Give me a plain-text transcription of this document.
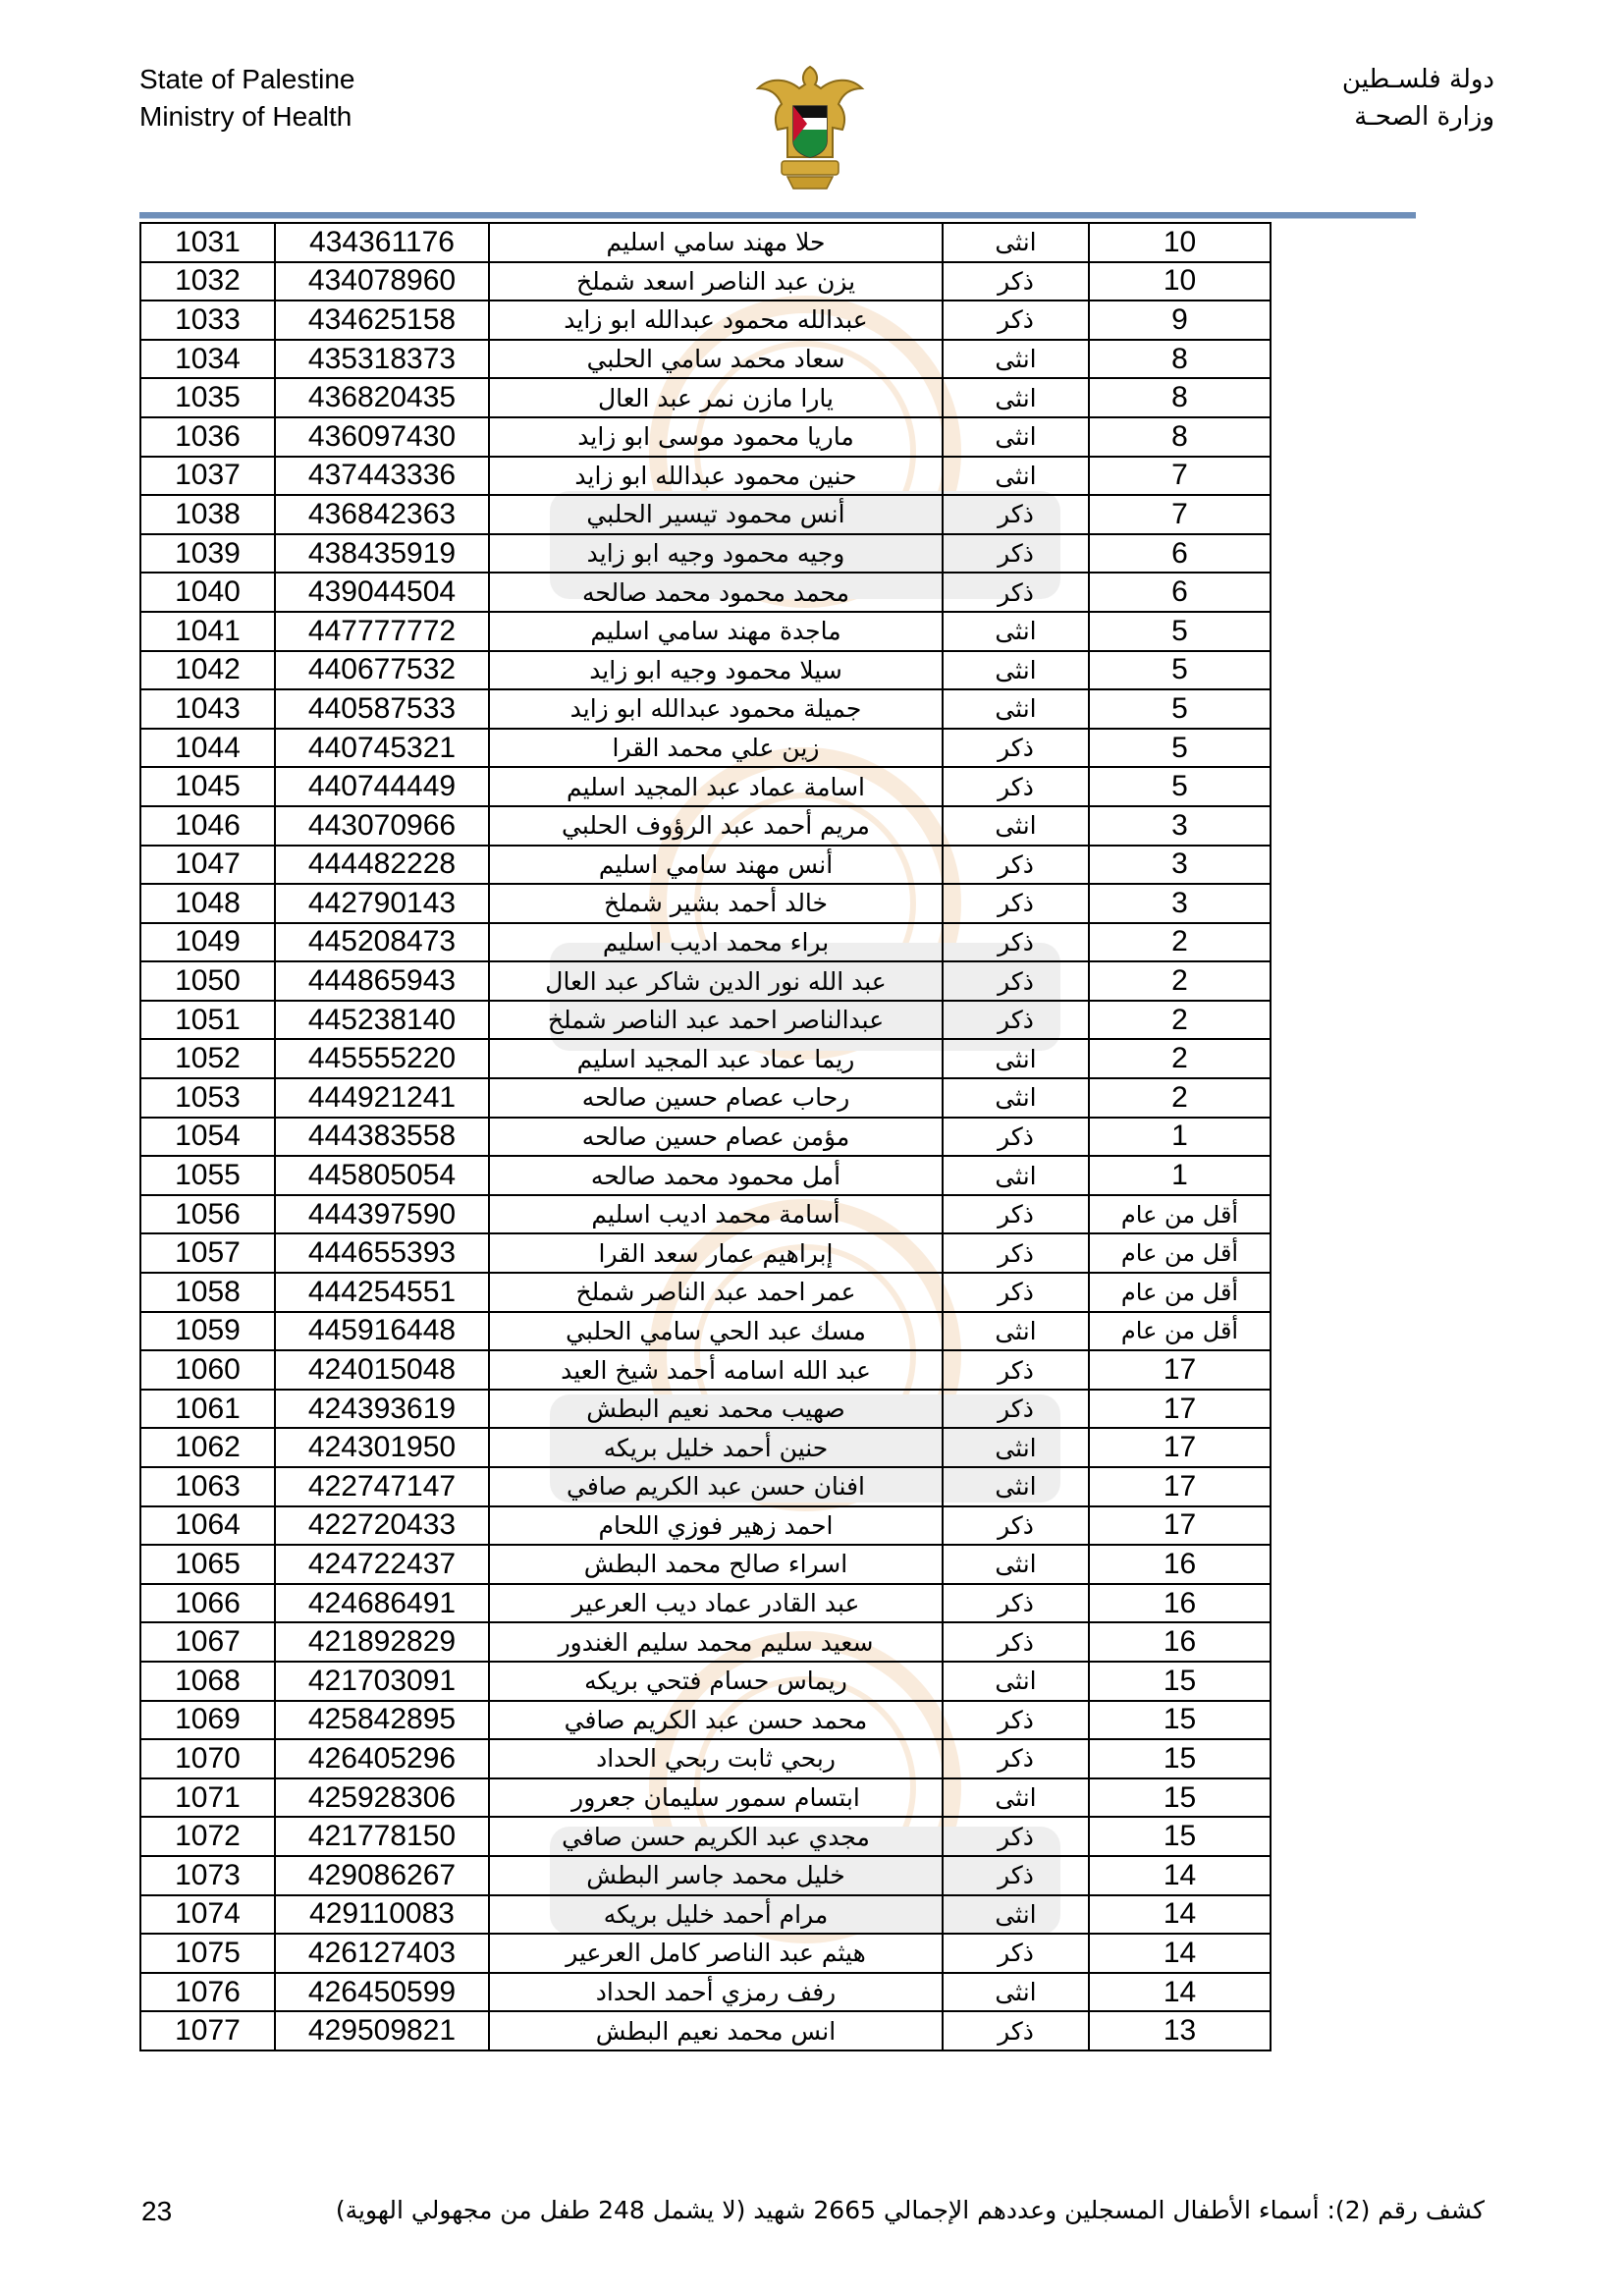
State of Palestine
Ministry of Health
دولة فلسـطين
وزارة الصحـة
1031	434361176	حلا مهند سامي اسليم	انثى	10
1032	434078960	يزن عبد الناصر اسعد شملخ	ذكر	10
1033	434625158	عبدالله محمود عبدالله ابو زايد	ذكر	9
1034	435318373	سعاد محمد سامي الحلبي	انثى	8
1035	436820435	يارا مازن نمر عبد العال	انثى	8
1036	436097430	ماريا محمود موسى ابو زايد	انثى	8
1037	437443336	حنين محمود عبدالله ابو زايد	انثى	7
1038	436842363	أنس محمود تيسير الحلبي	ذكر	7
1039	438435919	وجيه محمود وجيه ابو زايد	ذكر	6
1040	439044504	محمد محمود محمد صالحه	ذكر	6
1041	447777772	ماجدة مهند سامي اسليم	انثى	5
1042	440677532	سيلا محمود وجيه ابو زايد	انثى	5
1043	440587533	جميلة محمود عبدالله ابو زايد	انثى	5
1044	440745321	زين علي محمد القرا	ذكر	5
1045	440744449	اسامة عماد عبد المجيد اسليم	ذكر	5
1046	443070966	مريم أحمد عبد الرؤوف الحلبي	انثى	3
1047	444482228	أنس مهند سامي اسليم	ذكر	3
1048	442790143	خالد أحمد بشير شملخ	ذكر	3
1049	445208473	براء محمد اديب اسليم	ذكر	2
1050	444865943	عبد الله نور الدين شاكر عبد العال	ذكر	2
1051	445238140	عبدالناصر احمد عبد الناصر شملخ	ذكر	2
1052	445555220	ريما عماد عبد المجيد اسليم	انثى	2
1053	444921241	رحاب عصام حسين صالحه	انثى	2
1054	444383558	مؤمن عصام حسين صالحه	ذكر	1
1055	445805054	أمل محمود محمد صالحه	انثى	1
1056	444397590	أسامة محمد اديب اسليم	ذكر	أقل من عام
1057	444655393	إبراهيم عمار سعد القرا	ذكر	أقل من عام
1058	444254551	عمر احمد عبد الناصر شملخ	ذكر	أقل من عام
1059	445916448	مسك عبد الحي سامي الحلبي	انثى	أقل من عام
1060	424015048	عبد الله اسامه أحمد شيخ العيد	ذكر	17
1061	424393619	صهيب محمد نعيم البطش	ذكر	17
1062	424301950	حنين أحمد خليل بريكه	انثى	17
1063	422747147	افنان حسن عبد الكريم صافي	انثى	17
1064	422720433	احمد زهير فوزي اللحام	ذكر	17
1065	424722437	اسراء صالح محمد البطش	انثى	16
1066	424686491	عبد القادر عماد ديب العرعير	ذكر	16
1067	421892829	سعيد سليم محمد سليم الغندور	ذكر	16
1068	421703091	ريماس حسام فتحي بريكه	انثى	15
1069	425842895	محمد حسن عبد الكريم صافي	ذكر	15
1070	426405296	ربحي ثابت ربحي الحداد	ذكر	15
1071	425928306	ابتسام سمور سليمان جعرور	انثى	15
1072	421778150	مجدي عبد الكريم حسن صافي	ذكر	15
1073	429086267	خليل محمد جاسر البطش	ذكر	14
1074	429110083	مرام أحمد خليل بريكه	انثى	14
1075	426127403	هيثم عبد الناصر كامل العرعير	ذكر	14
1076	426450599	رفف رمزي أحمد الحداد	انثى	14
1077	429509821	انس محمد نعيم البطش	ذكر	13
23	كشف رقم (2): أسماء الأطفال المسجلين وعددهم الإجمالي 2665 شهيد (لا يشمل 248 طفل من مجهولي الهوية)
